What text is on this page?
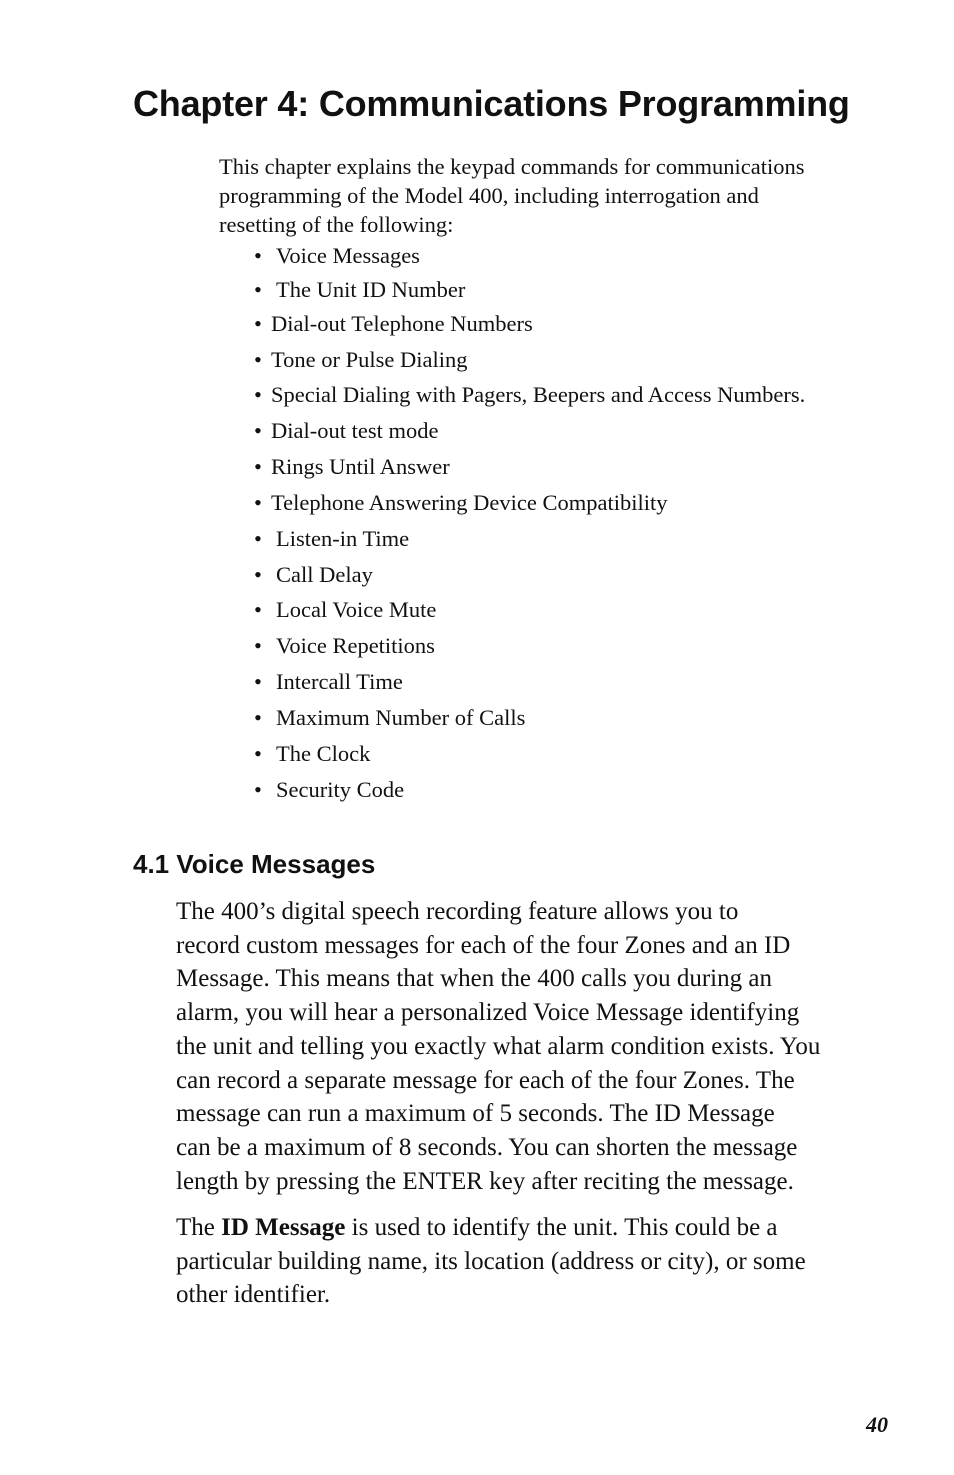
Chapter 4: Communications Programming

This chapter explains the keypad commands for communications
programming of the Model 400, including interrogation and
resetting of the following:

• Voice Messages
• The Unit ID Number
• Dial-out Telephone Numbers
• Tone or Pulse Dialing
• Special Dialing with Pagers, Beepers and Access Numbers.
• Dial-out test mode
• Rings Until Answer
• Telephone Answering Device Compatibility
• Listen-in Time
• Call Delay
• Local Voice Mute
• Voice Repetitions
• Intercall Time
• Maximum Number of Calls
• The Clock
• Security Code
4.1 Voice Messages

The 400’s digital speech recording feature allows you to
record custom messages for each of the four Zones and an ID
Message. This means that when the 400 calls you during an
alarm, you will hear a personalized Voice Message identifying
the unit and telling you exactly what alarm condition exists. You
can record a separate message for each of the four Zones. The
message can run a maximum of 5 seconds. The ID Message
can be a maximum of 8 seconds. You can shorten the message
length by pressing the ENTER key after reciting the message.

The ID Message is used to identify the unit. This could be a
particular building name, its location (address or city), or some
other identifier.

40
